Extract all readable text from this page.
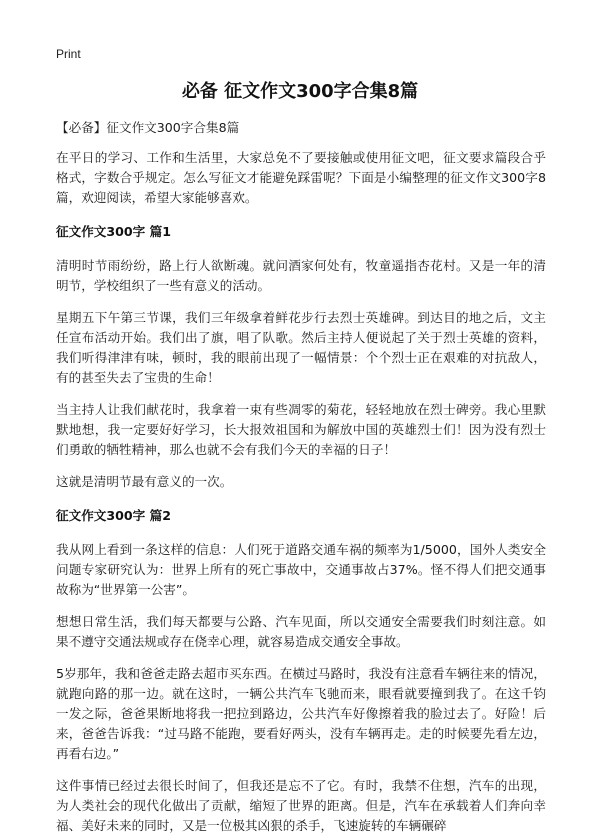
Print
必备 征文作文300字合集8篇

【必备】征文作文300字合集8篇

在平日的学习、工作和生活里，大家总免不了要接触或使用征文吧，征文要求篇段合乎格式，字数合乎规定。怎么写征文才能避免踩雷呢？下面是小编整理的征文作文300字8篇，欢迎阅读，希望大家能够喜欢。

征文作文300字 篇1

清明时节雨纷纷，路上行人欲断魂。就问酒家何处有，牧童遥指杏花村。又是一年的清明节，学校组织了一些有意义的活动。

星期五下午第三节课，我们三年级拿着鲜花步行去烈士英雄碑。到达目的地之后，文主任宣布活动开始。我们出了旗，唱了队歌。然后主持人便说起了关于烈士英雄的资料，我们听得津津有味，顿时，我的眼前出现了一幅情景：个个烈士正在艰难的对抗敌人，有的甚至失去了宝贵的生命！

当主持人让我们献花时，我拿着一束有些凋零的菊花，轻轻地放在烈士碑旁。我心里默默地想，我一定要好好学习，长大报效祖国和为解放中国的英雄烈士们！因为没有烈士们勇敢的牺牲精神，那么也就不会有我们今天的幸福的日子！

这就是清明节最有意义的一次。

征文作文300字 篇2

我从网上看到一条这样的信息：人们死于道路交通车祸的频率为1/5000，国外人类安全问题专家研究认为：世界上所有的死亡事故中，交通事故占37%。怪不得人们把交通事故称为“世界第一公害”。

想想日常生活，我们每天都要与公路、汽车见面，所以交通安全需要我们时刻注意。如果不遵守交通法规或存在侥幸心理，就容易造成交通安全事故。

5岁那年，我和爸爸走路去超市买东西。在横过马路时，我没有注意看车辆往来的情况，就跑向路的那一边。就在这时，一辆公共汽车飞驰而来，眼看就要撞到我了。在这千钧一发之际，爸爸果断地将我一把拉到路边，公共汽车好像擦着我的脸过去了。好险！后来，爸爸告诉我：“过马路不能跑，要看好两头，没有车辆再走。走的时候要先看左边，再看右边。”

这件事情已经过去很长时间了，但我还是忘不了它。有时，我禁不住想，汽车的出现，为人类社会的现代化做出了贡献，缩短了世界的距离。但是，汽车在承载着人们奔向幸福、美好未来的同时，又是一位极其凶狠的杀手，飞速旋转的车辆碾碎
